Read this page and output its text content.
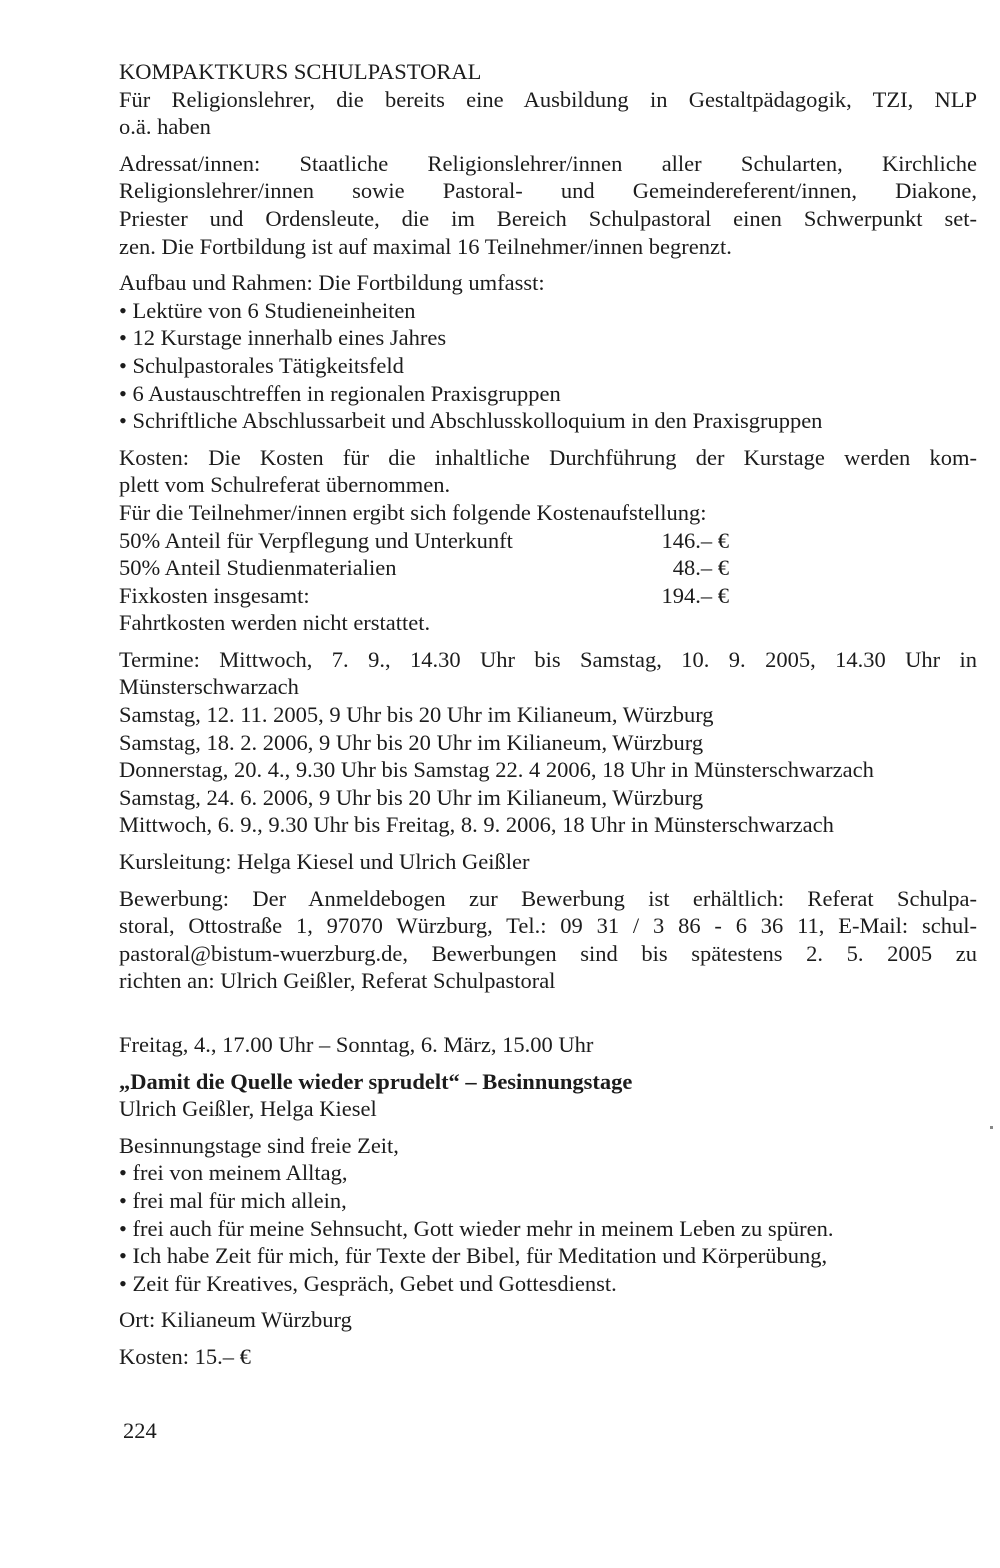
KOMPAKTKURS SCHULPASTORAL
Für Religionslehrer, die bereits eine Ausbildung in Gestaltpädagogik, TZI, NLP
o.ä. haben
Adressat/innen: Staatliche Religionslehrer/innen aller Schularten, Kirchliche
Religionslehrer/innen sowie Pastoral- und Gemeindereferent/innen, Diakone,
Priester und Ordensleute, die im Bereich Schulpastoral einen Schwerpunkt set-
zen. Die Fortbildung ist auf maximal 16 Teilnehmer/innen begrenzt.
Aufbau und Rahmen: Die Fortbildung umfasst:
• Lektüre von 6 Studieneinheiten
• 12 Kurstage innerhalb eines Jahres
• Schulpastorales Tätigkeitsfeld
• 6 Austauschtreffen in regionalen Praxisgruppen
• Schriftliche Abschlussarbeit und Abschlusskolloquium in den Praxisgruppen
Kosten: Die Kosten für die inhaltliche Durchführung der Kurstage werden kom-
plett vom Schulreferat übernommen.
Für die Teilnehmer/innen ergibt sich folgende Kostenaufstellung:
50% Anteil für Verpflegung und Unterkunft	146.– €
50% Anteil Studienmaterialien	48.– €
Fixkosten insgesamt:	194.– €
Fahrtkosten werden nicht erstattet.
Termine: Mittwoch, 7. 9., 14.30 Uhr bis Samstag, 10. 9. 2005, 14.30 Uhr in
Münsterschwarzach
Samstag, 12. 11. 2005, 9 Uhr bis 20 Uhr im Kilianeum, Würzburg
Samstag, 18. 2. 2006, 9 Uhr bis 20 Uhr im Kilianeum, Würzburg
Donnerstag, 20. 4., 9.30 Uhr bis Samstag 22. 4 2006, 18 Uhr in Münsterschwarzach
Samstag, 24. 6. 2006, 9 Uhr bis 20 Uhr im Kilianeum, Würzburg
Mittwoch, 6. 9., 9.30 Uhr bis Freitag, 8. 9. 2006, 18 Uhr in Münsterschwarzach
Kursleitung: Helga Kiesel und Ulrich Geißler
Bewerbung: Der Anmeldebogen zur Bewerbung ist erhältlich: Referat Schulpa-
storal, Ottostraße 1, 97070 Würzburg, Tel.: 09 31 / 3 86 - 6 36 11, E-Mail: schul-
pastoral@bistum-wuerzburg.de, Bewerbungen sind bis spätestens 2. 5. 2005 zu
richten an: Ulrich Geißler, Referat Schulpastoral
Freitag, 4., 17.00 Uhr – Sonntag, 6. März, 15.00 Uhr
„Damit die Quelle wieder sprudelt“ – Besinnungstage
Ulrich Geißler, Helga Kiesel
Besinnungstage sind freie Zeit,
• frei von meinem Alltag,
• frei mal für mich allein,
• frei auch für meine Sehnsucht, Gott wieder mehr in meinem Leben zu spüren.
• Ich habe Zeit für mich, für Texte der Bibel, für Meditation und Körperübung,
• Zeit für Kreatives, Gespräch, Gebet und Gottesdienst.
Ort: Kilianeum Würzburg
Kosten: 15.– €
224
